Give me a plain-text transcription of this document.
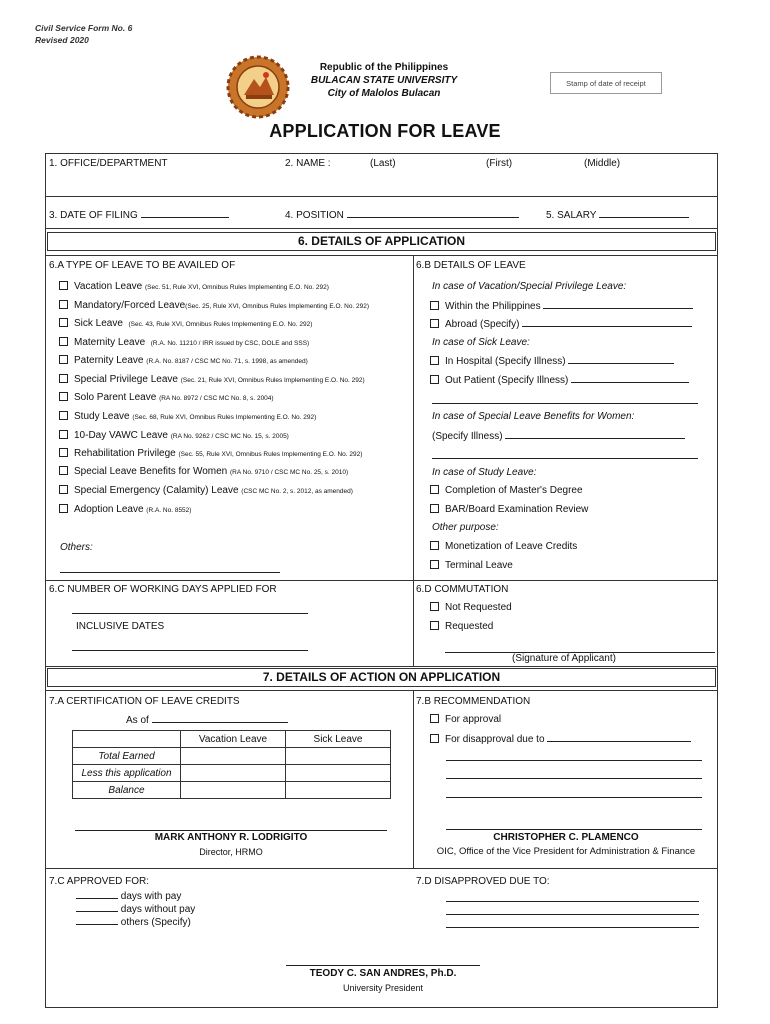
Civil Service Form No. 6
Revised 2020
Republic of the Philippines
BULACAN STATE UNIVERSITY
City of Malolos Bulacan
Stamp of date of receipt
APPLICATION FOR LEAVE
1. OFFICE/DEPARTMENT	2. NAME :	(Last)	(First)	(Middle)
3. DATE OF FILING	4. POSITION	5. SALARY
6. DETAILS OF APPLICATION
6.A TYPE OF LEAVE TO BE AVAILED OF	6.B DETAILS OF LEAVE
Vacation Leave (Sec. 51, Rule XVI, Omnibus Rules Implementing E.O. No. 292)
Mandatory/Forced Leave(Sec. 25, Rule XVI, Omnibus Rules Implementing E.O. No. 292)
Sick Leave (Sec. 43, Rule XVI, Omnibus Rules Implementing E.O. No. 292)
Maternity Leave (R.A. No. 11210 / IRR issued by CSC, DOLE and SSS)
Paternity Leave (R.A. No. 8187 / CSC MC No. 71, s. 1998, as amended)
Special Privilege Leave (Sec. 21, Rule XVI, Omnibus Rules Implementing E.O. No. 292)
Solo Parent Leave (RA No. 8972 / CSC MC No. 8, s. 2004)
Study Leave (Sec. 68, Rule XVI, Omnibus Rules Implementing E.O. No. 292)
10-Day VAWC Leave (RA No. 9262 / CSC MC No. 15, s. 2005)
Rehabilitation Privilege (Sec. 55, Rule XVI, Omnibus Rules Implementing E.O. No. 292)
Special Leave Benefits for Women (RA No. 9710 / CSC MC No. 25, s. 2010)
Special Emergency (Calamity) Leave (CSC MC No. 2, s. 2012, as amended)
Adoption Leave (R.A. No. 8552)
Others:
In case of Vacation/Special Privilege Leave:
Within the Philippines
Abroad (Specify)
In case of Sick Leave:
In Hospital (Specify Illness)
Out Patient (Specify Illness)
In case of Special Leave Benefits for Women:
(Specify Illness)
In case of Study Leave:
Completion of Master's Degree
BAR/Board Examination Review
Other purpose:
Monetization of Leave Credits
Terminal Leave
6.C NUMBER OF WORKING DAYS APPLIED FOR
INCLUSIVE DATES
6.D COMMUTATION
Not Requested
Requested
(Signature of Applicant)
7. DETAILS OF ACTION ON APPLICATION
7.A CERTIFICATION OF LEAVE CREDITS
As of
	Vacation Leave	Sick Leave
Total Earned		
Less this application		
Balance		
MARK ANTHONY R. LODRIGITO
Director, HRMO
7.B RECOMMENDATION
For approval
For disapproval due to
CHRISTOPHER C. PLAMENCO
OIC, Office of the Vice President for Administration & Finance
7.C APPROVED FOR:
days with pay
days without pay
others (Specify)
7.D DISAPPROVED DUE TO:
TEODY C. SAN ANDRES, Ph.D.
University President
